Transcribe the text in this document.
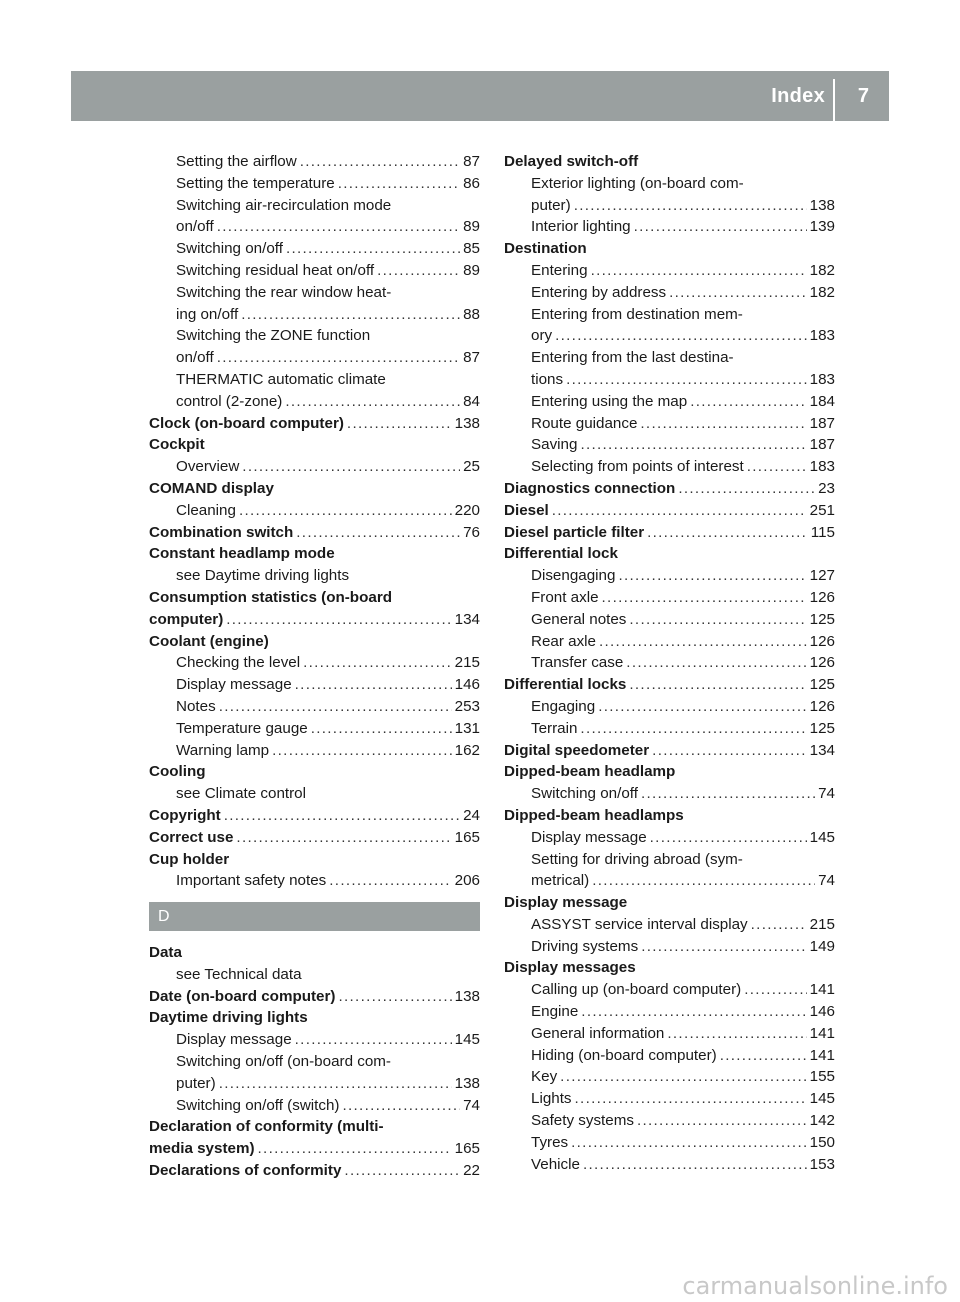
Index 7
Setting the airflow .....	87
Setting the temperature .....	86
Switching air-recirculation mode
on/off .....	89
Switching on/off .....	85
Switching residual heat on/off .....	89
Switching the rear window heat-
ing on/off .....	88
Switching the ZONE function
on/off .....	87
THERMATIC automatic climate
control (2-zone) .....	84
Clock (on-board computer) .....	138
Cockpit
Overview .....	25
COMAND display
Cleaning .....	220
Combination switch .....	76
Constant headlamp mode
see Daytime driving lights
Consumption statistics (on-board
computer) .....	134
Coolant (engine)
Checking the level .....	215
Display message .....	146
Notes .....	253
Temperature gauge .....	131
Warning lamp .....	162
Cooling
see Climate control
Copyright .....	24
Correct use .....	165
Cup holder
Important safety notes .....	206
D
Data
see Technical data
Date (on-board computer) .....	138
Daytime driving lights
Display message .....	145
Switching on/off (on-board com-
puter) .....	138
Switching on/off (switch) .....	74
Declaration of conformity (multi-
media system) .....	165
Declarations of conformity .....	22
Delayed switch-off
Exterior lighting (on-board com-
puter) .....	138
Interior lighting .....	139
Destination
Entering .....	182
Entering by address .....	182
Entering from destination mem-
ory .....	183
Entering from the last destina-
tions .....	183
Entering using the map .....	184
Route guidance .....	187
Saving .....	187
Selecting from points of interest .....	183
Diagnostics connection .....	23
Diesel .....	251
Diesel particle filter .....	115
Differential lock
Disengaging .....	127
Front axle .....	126
General notes .....	125
Rear axle .....	126
Transfer case .....	126
Differential locks .....	125
Engaging .....	126
Terrain .....	125
Digital speedometer .....	134
Dipped-beam headlamp
Switching on/off .....	74
Dipped-beam headlamps
Display message .....	145
Setting for driving abroad (sym-
metrical) .....	74
Display message
ASSYST service interval display .....	215
Driving systems .....	149
Display messages
Calling up (on-board computer) .....	141
Engine .....	146
General information .....	141
Hiding (on-board computer) .....	141
Key .....	155
Lights .....	145
Safety systems .....	142
Tyres .....	150
Vehicle .....	153
carmanualsonline.info
